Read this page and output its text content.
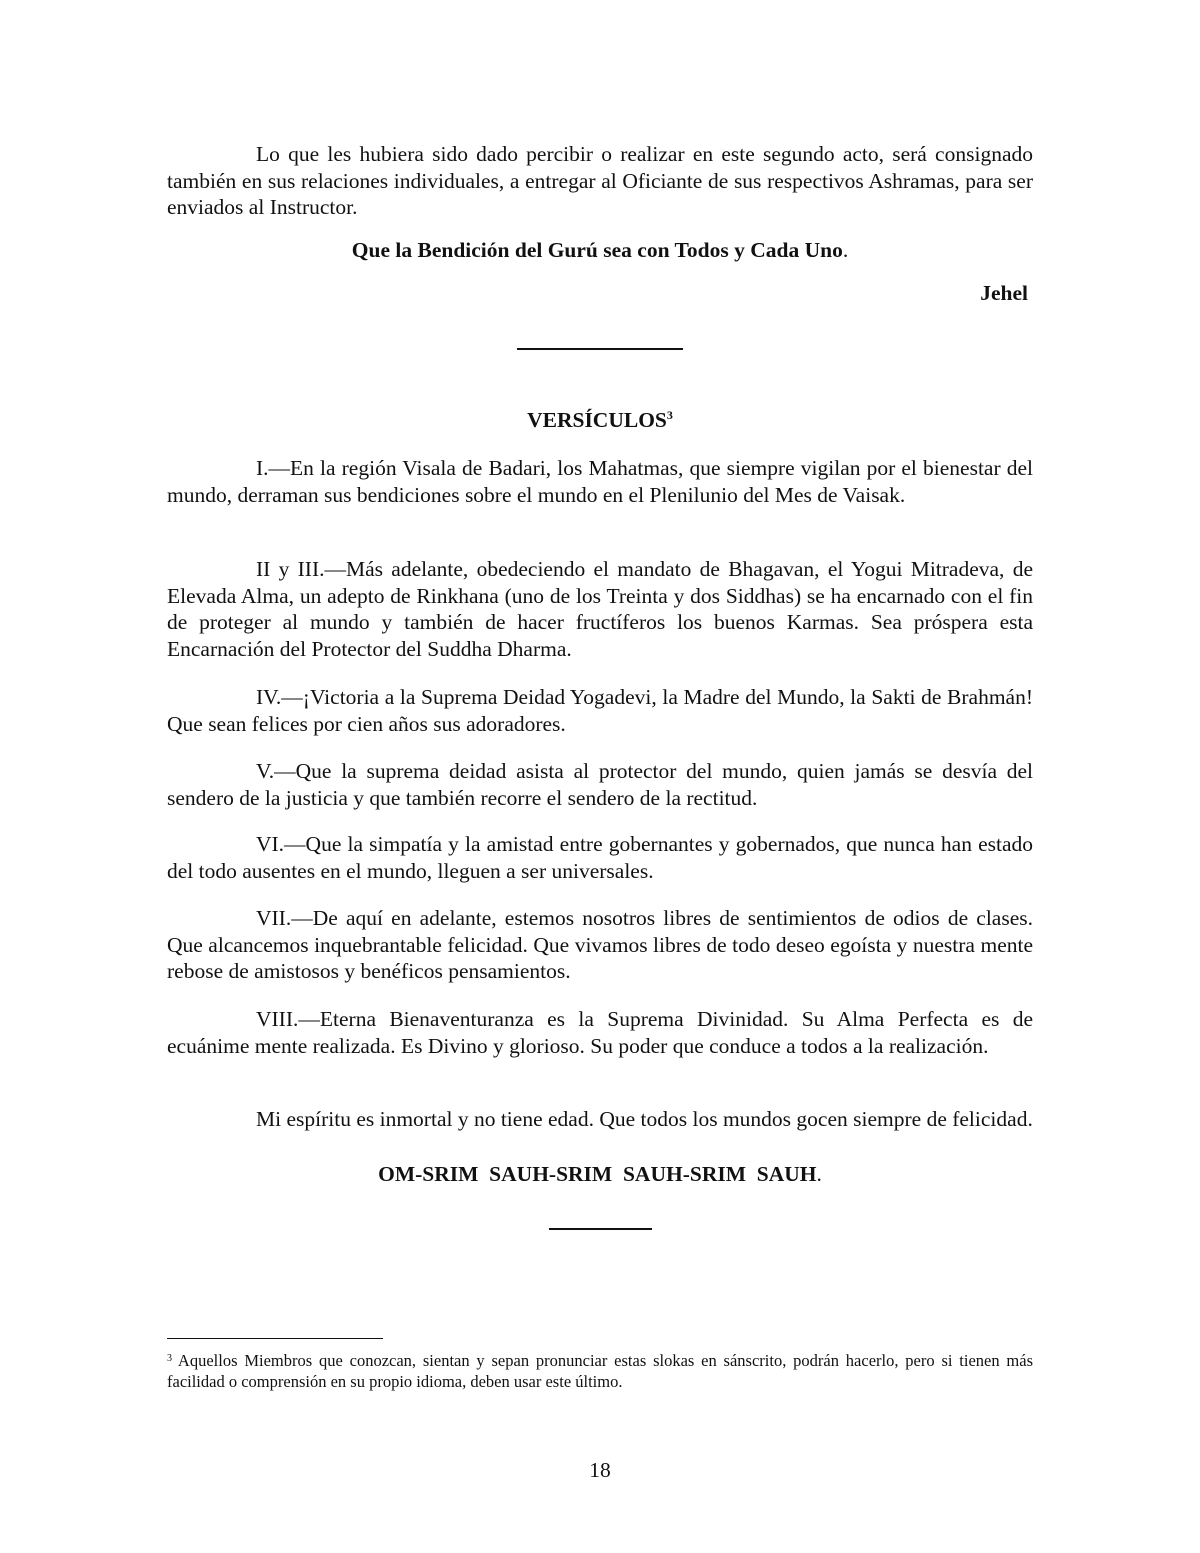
Lo que les hubiera sido dado percibir o realizar en este segundo acto, será consignado también en sus relaciones individuales, a entregar al Oficiante de sus respectivos Ashramas, para ser enviados al Instructor.

Que la Bendición del Gurú sea con Todos y Cada Uno.

Jehel

VERSÍCULOS$^3$

I.—En la región Visala de Badari, los Mahatmas, que siempre vigilan por el bienestar del mundo, derraman sus bendiciones sobre el mundo en el Plenilunio del Mes de Vaisak.

II y III.—Más adelante, obedeciendo el mandato de Bhagavan, el Yogui Mitradeva, de Elevada Alma, un adepto de Rinkhana (uno de los Treinta y dos Siddhas) se ha encarnado con el fin de proteger al mundo y también de hacer fructíferos los buenos Karmas. Sea próspera esta Encarnación del Protector del Suddha Dharma.

IV.—¡Victoria a la Suprema Deidad Yogadevi, la Madre del Mundo, la Sakti de Brahmán! Que sean felices por cien años sus adoradores.

V.—Que la suprema deidad asista al protector del mundo, quien jamás se desvía del sendero de la justicia y que también recorre el sendero de la rectitud.

VI.—Que la simpatía y la amistad entre gobernantes y gobernados, que nunca han estado del todo ausentes en el mundo, lleguen a ser universales.

VII.—De aquí en adelante, estemos nosotros libres de sentimientos de odios de clases. Que alcancemos inquebrantable felicidad. Que vivamos libres de todo deseo egoísta y nuestra mente rebose de amistosos y benéficos pensamientos.

VIII.—Eterna Bienaventuranza es la Suprema Divinidad. Su Alma Perfecta es de ecuánime mente realizada. Es Divino y glorioso. Su poder que conduce a todos a la realización.

Mi espíritu es inmortal y no tiene edad. Que todos los mundos gocen siempre de felicidad.

OM-SRIM  SAUH-SRIM  SAUH-SRIM  SAUH.

$^3$ Aquellos Miembros que conozcan, sientan y sepan pronunciar estas slokas en sánscrito, podrán hacerlo, pero si tienen más facilidad o comprensión en su propio idioma, deben usar este último.

18
